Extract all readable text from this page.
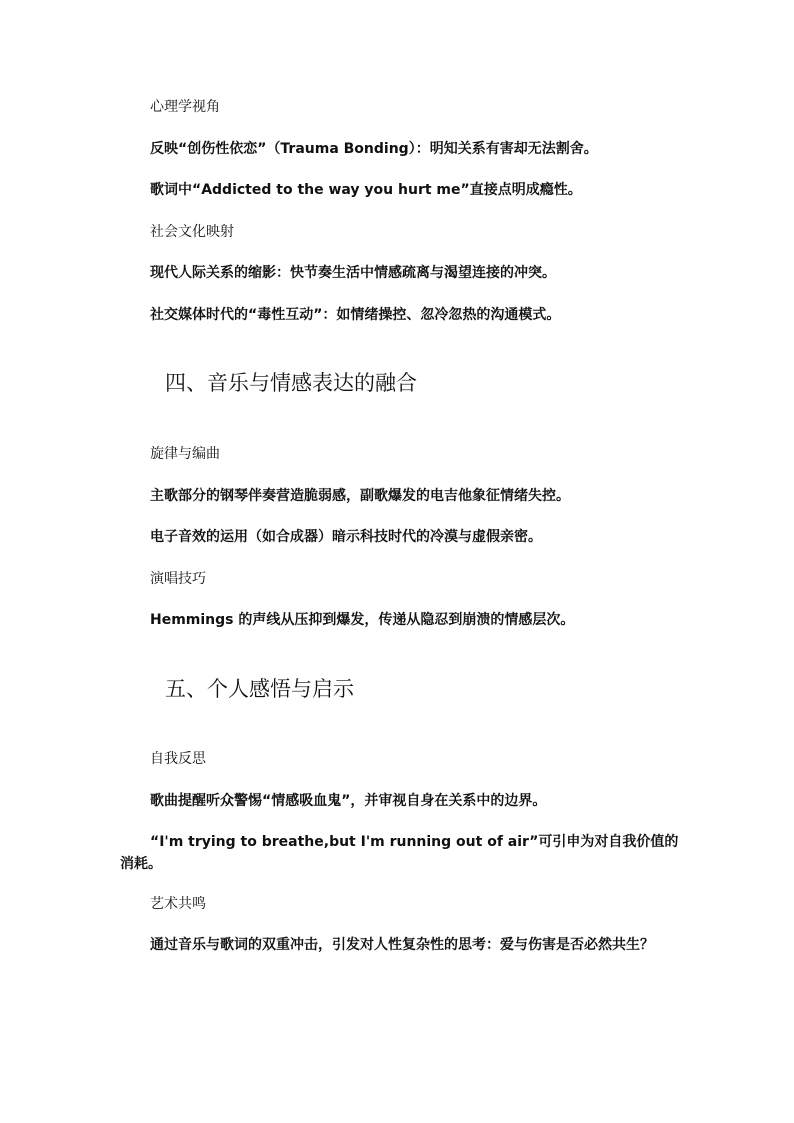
心理学视角
反映“创伤性依恋”（Trauma Bonding）：明知关系有害却无法割舍。
歌词中“Addicted to the way you hurt me”直接点明成瘾性。
社会文化映射
现代人际关系的缩影：快节奏生活中情感疏离与渴望连接的冲突。
社交媒体时代的“毒性互动”：如情绪操控、忽冷忽热的沟通模式。
四、音乐与情感表达的融合
旋律与编曲
主歌部分的钢琴伴奏营造脆弱感，副歌爆发的电吉他象征情绪失控。
电子音效的运用（如合成器）暗示科技时代的冷漠与虚假亲密。
演唱技巧
Hemmings 的声线从压抑到爆发，传递从隐忍到崩溃的情感层次。
五、个人感悟与启示
自我反思
歌曲提醒听众警惕“情感吸血鬼”，并审视自身在关系中的边界。
“I'm trying to breathe,but I'm running out of air”可引申为对自我价值的消耗。
艺术共鸣
通过音乐与歌词的双重冲击，引发对人性复杂性的思考：爱与伤害是否必然共生？
